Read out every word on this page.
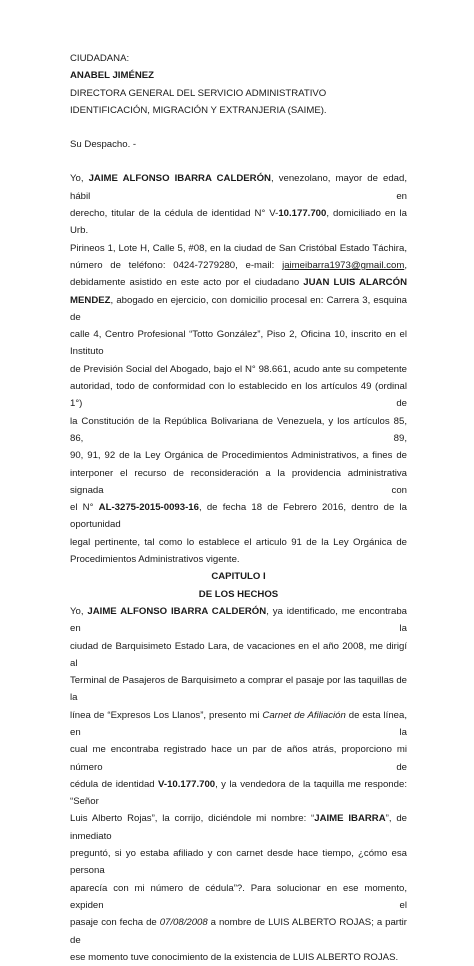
CIUDADANA:
ANABEL JIMÉNEZ
DIRECTORA GENERAL DEL SERVICIO ADMINISTRATIVO
IDENTIFICACIÓN, MIGRACIÓN Y EXTRANJERIA (SAIME).
Su Despacho. -
Yo, JAIME ALFONSO IBARRA CALDERÓN, venezolano, mayor de edad, hábil en
derecho, titular de la cédula de identidad N° V-10.177.700, domiciliado en la Urb.
Pirineos 1, Lote H, Calle 5, #08, en la ciudad de San Cristóbal Estado Táchira,
número de teléfono: 0424-7279280, e-mail: jaimeibarra1973@gmail.com,
debidamente asistido en este acto por el ciudadano JUAN LUIS ALARCÓN
MENDEZ, abogado en ejercicio, con domicilio procesal en: Carrera 3, esquina de
calle 4, Centro Profesional “Totto González”, Piso 2, Oficina 10, inscrito en el Instituto
de Previsión Social del Abogado, bajo el N° 98.661, acudo ante su competente
autoridad, todo de conformidad con lo establecido en los artículos 49 (ordinal 1°) de
la Constitución de la República Bolivariana de Venezuela, y los artículos 85, 86, 89,
90, 91, 92 de la Ley Orgánica de Procedimientos Administrativos, a fines de
interponer el recurso de reconsideración a la providencia administrativa signada con
el N° AL-3275-2015-0093-16, de fecha 18 de Febrero 2016, dentro de la oportunidad
legal pertinente, tal como lo establece el articulo 91 de la Ley Orgánica de
Procedimientos Administrativos vigente.
CAPITULO I
DE LOS HECHOS
Yo, JAIME ALFONSO IBARRA CALDERÓN, ya identificado, me encontraba en la
ciudad de Barquisimeto Estado Lara, de vacaciones en el año 2008, me dirigí al
Terminal de Pasajeros de Barquisimeto a comprar el pasaje por las taquillas de la
línea de “Expresos Los Llanos”, presento mi Carnet de Afiliación de esta línea, en la
cual me encontraba registrado hace un par de años atrás, proporciono mi número de
cédula de identidad V-10.177.700, y la vendedora de la taquilla me responde: “Señor
Luis Alberto Rojas”, la corrijo, diciéndole mi nombre: “JAIME IBARRA”, de inmediato
preguntó, si yo estaba afiliado y con carnet desde hace tiempo, ¿cómo esa persona
aparecía con mi número de cédula”?. Para solucionar en ese momento, expiden el
pasaje con fecha de 07/08/2008 a nombre de LUIS ALBERTO ROJAS; a partir de
ese momento tuve conocimiento de la existencia de LUIS ALBERTO ROJAS.
